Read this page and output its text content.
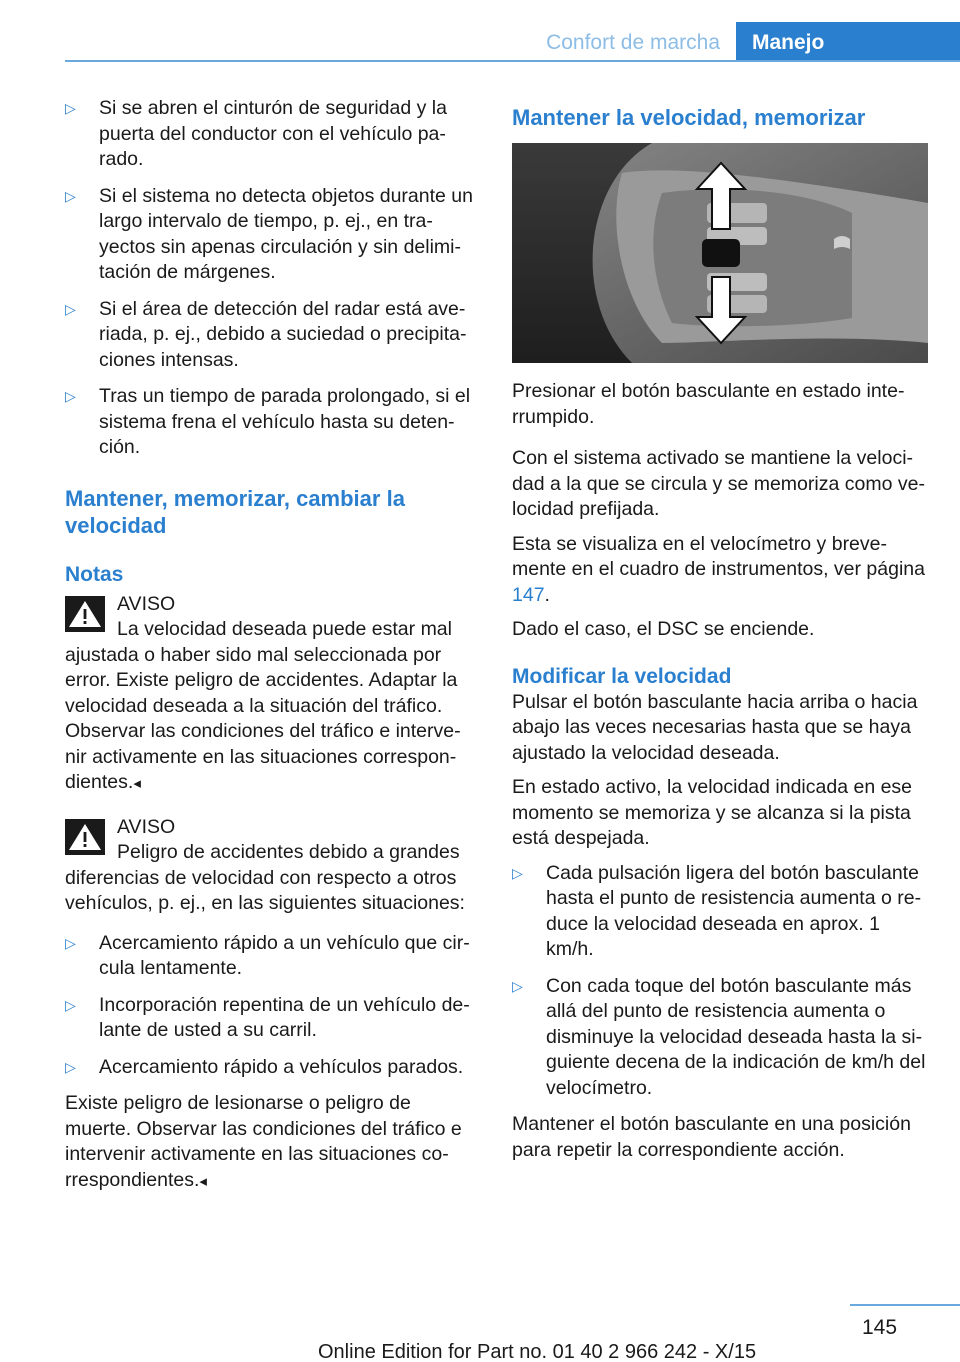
Confort de marcha	Manejo
▷ Si se abren el cinturón de seguridad y la puerta del conductor con el vehículo parado.
▷ Si el sistema no detecta objetos durante un largo intervalo de tiempo, p. ej., en trayectos sin apenas circulación y sin delimitación de márgenes.
▷ Si el área de detección del radar está averiada, p. ej., debido a suciedad o precipitaciones intensas.
▷ Tras un tiempo de parada prolongado, si el sistema frena el vehículo hasta su detención.
Mantener, memorizar, cambiar la velocidad
Notas
AVISO
La velocidad deseada puede estar mal ajustada o haber sido mal seleccionada por error. Existe peligro de accidentes. Adaptar la velocidad deseada a la situación del tráfico. Observar las condiciones del tráfico e intervenir activamente en las situaciones correspondientes.◂
AVISO
Peligro de accidentes debido a grandes diferencias de velocidad con respecto a otros vehículos, p. ej., en las siguientes situaciones:
▷ Acercamiento rápido a un vehículo que circula lentamente.
▷ Incorporación repentina de un vehículo delante de usted a su carril.
▷ Acercamiento rápido a vehículos parados.
Existe peligro de lesionarse o peligro de muerte. Observar las condiciones del tráfico e intervenir activamente en las situaciones correspondientes.◂
Mantener la velocidad, memorizar
Presionar el botón basculante en estado interrumpido.
Con el sistema activado se mantiene la velocidad a la que se circula y se memoriza como velocidad prefijada.
Esta se visualiza en el velocímetro y brevemente en el cuadro de instrumentos, ver página 147.
Dado el caso, el DSC se enciende.
Modificar la velocidad
Pulsar el botón basculante hacia arriba o hacia abajo las veces necesarias hasta que se haya ajustado la velocidad deseada.
En estado activo, la velocidad indicada en ese momento se memoriza y se alcanza si la pista está despejada.
▷ Cada pulsación ligera del botón basculante hasta el punto de resistencia aumenta o reduce la velocidad deseada en aprox. 1 km/h.
▷ Con cada toque del botón basculante más allá del punto de resistencia aumenta o disminuye la velocidad deseada hasta la siguiente decena de la indicación de km/h del velocímetro.
Mantener el botón basculante en una posición para repetir la correspondiente acción.
145
Online Edition for Part no. 01 40 2 966 242 - X/15
